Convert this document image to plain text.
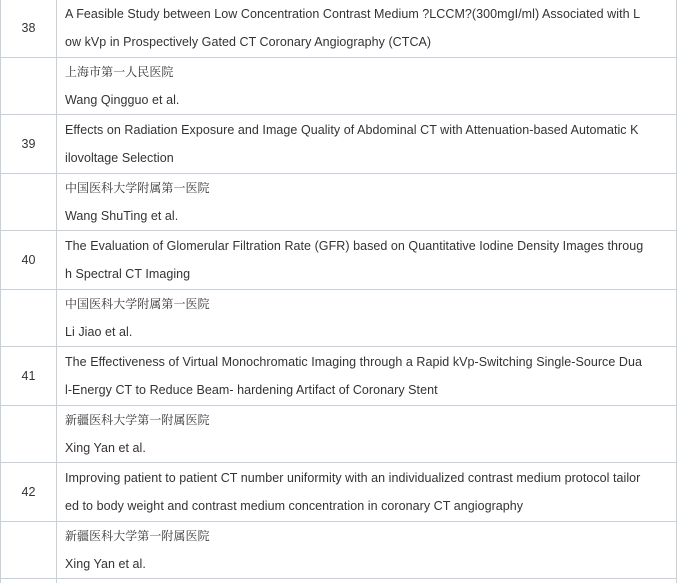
38	A Feasible Study between Low Concentration Contrast Medium ?LCCM?(300mgI/ml) Associated with L
ow kVp in Prospectively Gated CT Coronary Angiography (CTCA)

	上海市第一人民医院
Wang Qingguo et al.

39	Effects on Radiation Exposure and Image Quality of Abdominal CT with Attenuation-based Automatic K
ilovoltage Selection

	中国医科大学附属第一医院
Wang ShuTing et al.

40	The Evaluation of Glomerular Filtration Rate (GFR) based on Quantitative Iodine Density Images throug
h Spectral CT Imaging

	中国医科大学附属第一医院
Li Jiao et al.

41	The Effectiveness of Virtual Monochromatic Imaging through a Rapid kVp-Switching Single-Source Dua
l-Energy CT to Reduce Beam- hardening Artifact of Coronary Stent

	新疆医科大学第一附属医院
Xing Yan et al.

42	Improving patient to patient CT number uniformity with an individualized contrast medium protocol tailor
ed to body weight and contrast medium concentration in coronary CT angiography

	新疆医科大学第一附属医院
Xing Yan et al.
